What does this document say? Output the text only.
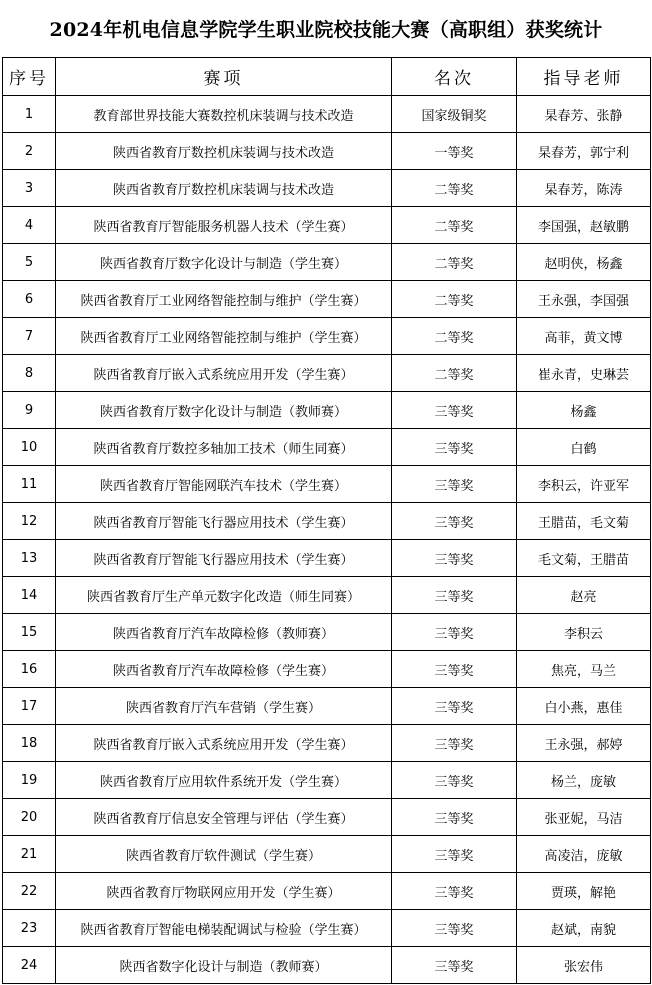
2024年机电信息学院学生职业院校技能大赛（高职组）获奖统计
序号	赛项	名次	指导老师
1	教育部世界技能大赛数控机床装调与技术改造	国家级铜奖	杲春芳、张静
2	陕西省教育厅数控机床装调与技术改造	一等奖	杲春芳，郭宁利
3	陕西省教育厅数控机床装调与技术改造	二等奖	杲春芳，陈涛
4	陕西省教育厅智能服务机器人技术（学生赛）	二等奖	李国强，赵敏鹏
5	陕西省教育厅数字化设计与制造（学生赛）	二等奖	赵明侠，杨鑫
6	陕西省教育厅工业网络智能控制与维护（学生赛）	二等奖	王永强，李国强
7	陕西省教育厅工业网络智能控制与维护（学生赛）	二等奖	高菲，黄文博
8	陕西省教育厅嵌入式系统应用开发（学生赛）	二等奖	崔永青，史琳芸
9	陕西省教育厅数字化设计与制造（教师赛）	三等奖	杨鑫
10	陕西省教育厅数控多轴加工技术（师生同赛）	三等奖	白鹤
11	陕西省教育厅智能网联汽车技术（学生赛）	三等奖	李积云，许亚军
12	陕西省教育厅智能飞行器应用技术（学生赛）	三等奖	王腊苗，毛文菊
13	陕西省教育厅智能飞行器应用技术（学生赛）	三等奖	毛文菊，王腊苗
14	陕西省教育厅生产单元数字化改造（师生同赛）	三等奖	赵亮
15	陕西省教育厅汽车故障检修（教师赛）	三等奖	李积云
16	陕西省教育厅汽车故障检修（学生赛）	三等奖	焦亮，马兰
17	陕西省教育厅汽车营销（学生赛）	三等奖	白小燕，惠佳
18	陕西省教育厅嵌入式系统应用开发（学生赛）	三等奖	王永强，郝婷
19	陕西省教育厅应用软件系统开发（学生赛）	三等奖	杨兰，庞敏
20	陕西省教育厅信息安全管理与评估（学生赛）	三等奖	张亚妮，马洁
21	陕西省教育厅软件测试（学生赛）	三等奖	高凌洁，庞敏
22	陕西省教育厅物联网应用开发（学生赛）	三等奖	贾瑛，解艳
23	陕西省教育厅智能电梯装配调试与检验（学生赛）	三等奖	赵斌，南貌
24	陕西省数字化设计与制造（教师赛）	三等奖	张宏伟
